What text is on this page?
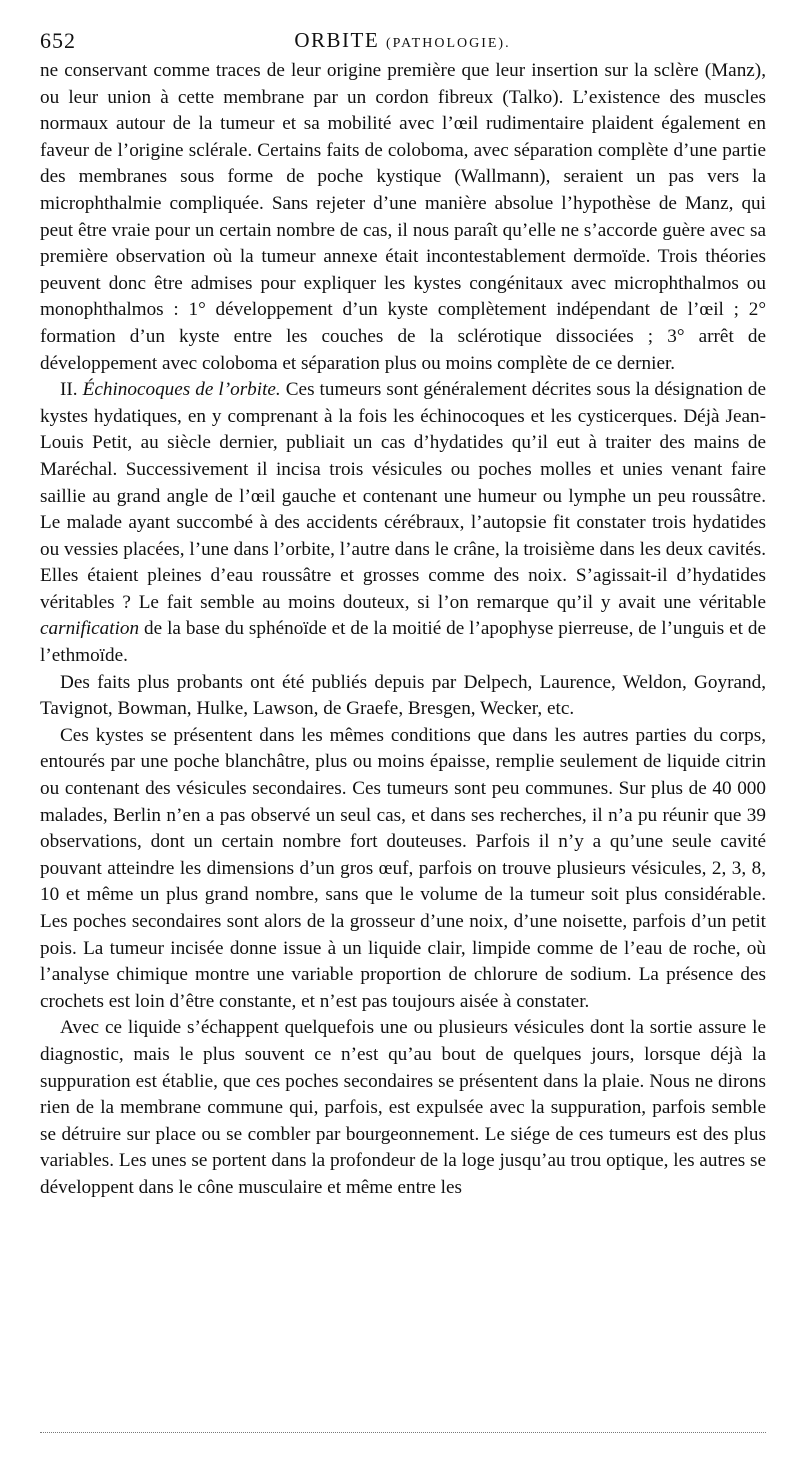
652	ORBITE (PATHOLOGIE).

ne conservant comme traces de leur origine première que leur insertion sur la sclère (Manz), ou leur union à cette membrane par un cordon fibreux (Talko). L’existence des muscles normaux autour de la tumeur et sa mobilité avec l’œil rudimentaire plaident également en faveur de l’origine sclérale. Certains faits de coloboma, avec séparation complète d’une partie des membranes sous forme de poche kystique (Wallmann), seraient un pas vers la microphthalmie compliquée. Sans rejeter d’une manière absolue l’hypothèse de Manz, qui peut être vraie pour un certain nombre de cas, il nous paraît qu’elle ne s’accorde guère avec sa première observation où la tumeur annexe était incontestablement dermoïde. Trois théories peuvent donc être admises pour expliquer les kystes congénitaux avec microphthalmos ou monophthalmos : 1° développement d’un kyste complètement indépendant de l’œil ; 2° formation d’un kyste entre les couches de la sclérotique dissociées ; 3° arrêt de développement avec coloboma et séparation plus ou moins complète de ce dernier.

II. Échinocoques de l’orbite. Ces tumeurs sont généralement décrites sous la désignation de kystes hydatiques, en y comprenant à la fois les échinocoques et les cysticerques. Déjà Jean-Louis Petit, au siècle dernier, publiait un cas d’hydatides qu’il eut à traiter des mains de Maréchal. Successivement il incisa trois vésicules ou poches molles et unies venant faire saillie au grand angle de l’œil gauche et contenant une humeur ou lymphe un peu roussâtre. Le malade ayant succombé à des accidents cérébraux, l’autopsie fit constater trois hydatides ou vessies placées, l’une dans l’orbite, l’autre dans le crâne, la troisième dans les deux cavités. Elles étaient pleines d’eau roussâtre et grosses comme des noix. S’agissait-il d’hydatides véritables ? Le fait semble au moins douteux, si l’on remarque qu’il y avait une véritable carnification de la base du sphénoïde et de la moitié de l’apophyse pierreuse, de l’unguis et de l’ethmoïde.

Des faits plus probants ont été publiés depuis par Delpech, Laurence, Weldon, Goyrand, Tavignot, Bowman, Hulke, Lawson, de Graefe, Bresgen, Wecker, etc.

Ces kystes se présentent dans les mêmes conditions que dans les autres parties du corps, entourés par une poche blanchâtre, plus ou moins épaisse, remplie seulement de liquide citrin ou contenant des vésicules secondaires. Ces tumeurs sont peu communes. Sur plus de 40 000 malades, Berlin n’en a pas observé un seul cas, et dans ses recherches, il n’a pu réunir que 39 observations, dont un certain nombre fort douteuses. Parfois il n’y a qu’une seule cavité pouvant atteindre les dimensions d’un gros œuf, parfois on trouve plusieurs vésicules, 2, 3, 8, 10 et même un plus grand nombre, sans que le volume de la tumeur soit plus considérable. Les poches secondaires sont alors de la grosseur d’une noix, d’une noisette, parfois d’un petit pois. La tumeur incisée donne issue à un liquide clair, limpide comme de l’eau de roche, où l’analyse chimique montre une variable proportion de chlorure de sodium. La présence des crochets est loin d’être constante, et n’est pas toujours aisée à constater.

Avec ce liquide s’échappent quelquefois une ou plusieurs vésicules dont la sortie assure le diagnostic, mais le plus souvent ce n’est qu’au bout de quelques jours, lorsque déjà la suppuration est établie, que ces poches secondaires se présentent dans la plaie. Nous ne dirons rien de la membrane commune qui, parfois, est expulsée avec la suppuration, parfois semble se détruire sur place ou se combler par bourgeonnement. Le siége de ces tumeurs est des plus variables. Les unes se portent dans la profondeur de la loge jusqu’au trou optique, les autres se développent dans le cône musculaire et même entre les
